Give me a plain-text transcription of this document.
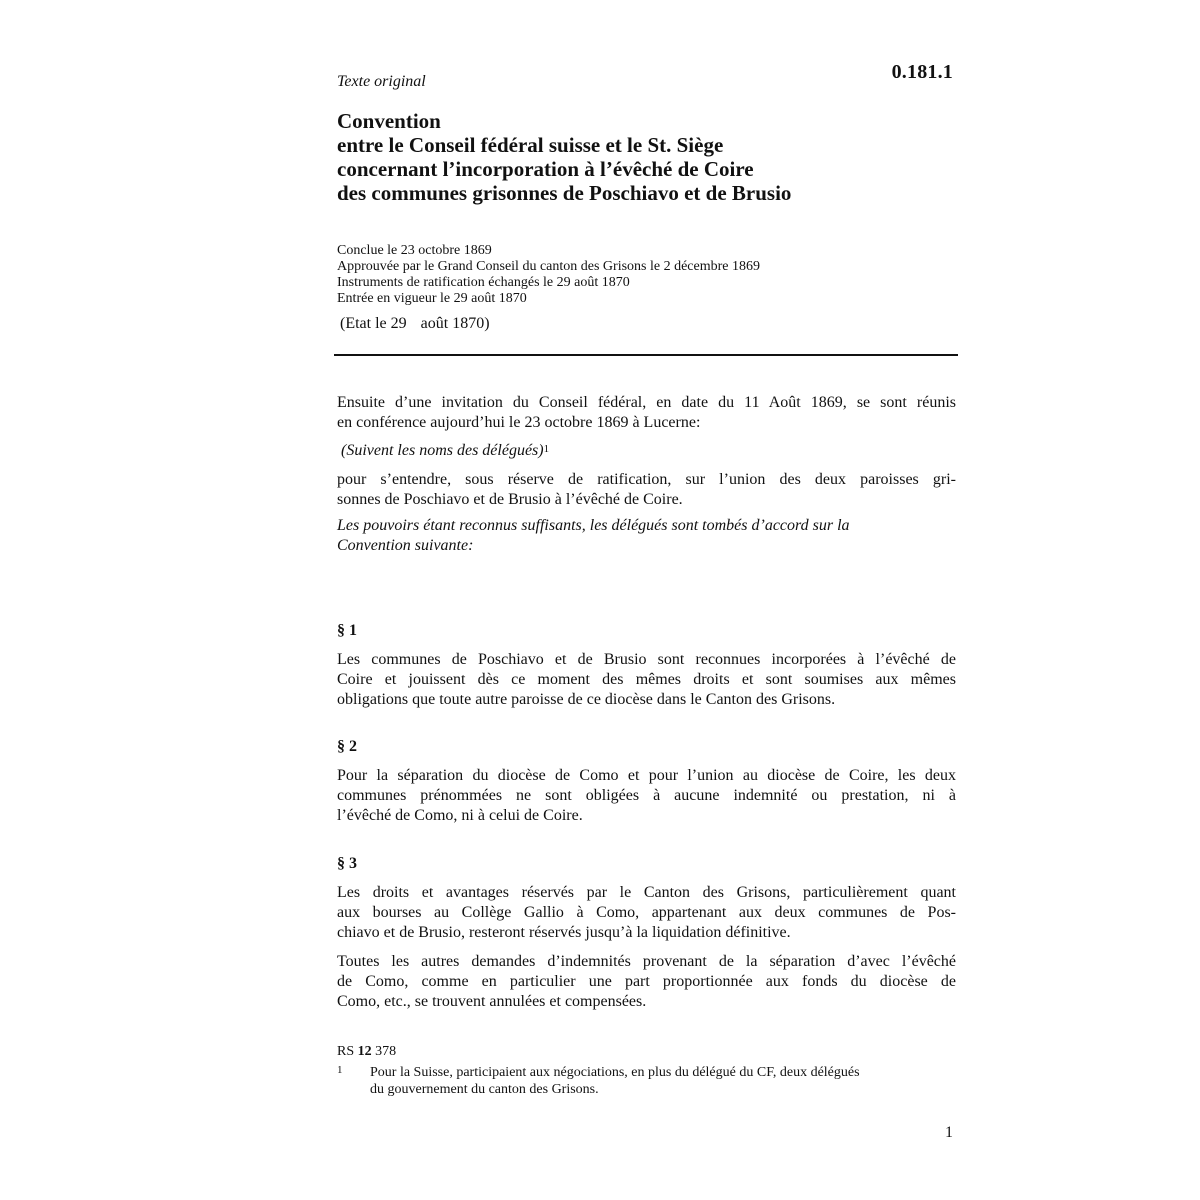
0.181.1
Texte original
Convention
entre le Conseil fédéral suisse et le St. Siège
concernant l’incorporation à l’évêché de Coire
des communes grisonnes de Poschiavo et de Brusio
Conclue le 23 octobre 1869
Approuvée par le Grand Conseil du canton des Grisons le 2 décembre 1869
Instruments de ratification échangés le 29 août 1870
Entrée en vigueur le 29 août 1870
(Etat le 29 août 1870)
Ensuite d’une invitation du Conseil fédéral, en date du 11 Août 1869, se sont réunis
en conférence aujourd’hui le 23 octobre 1869 à Lucerne:
(Suivent les noms des délégués)$^1$
pour s’entendre, sous réserve de ratification, sur l’union des deux paroisses gri-
sonnes de Poschiavo et de Brusio à l’évêché de Coire.
Les pouvoirs étant reconnus suffisants, les délégués sont tombés d’accord sur la
Convention suivante:
§ 1
Les communes de Poschiavo et de Brusio sont reconnues incorporées à l’évêché de
Coire et jouissent dès ce moment des mêmes droits et sont soumises aux mêmes
obligations que toute autre paroisse de ce diocèse dans le Canton des Grisons.
§ 2
Pour la séparation du diocèse de Como et pour l’union au diocèse de Coire, les deux
communes prénommées ne sont obligées à aucune indemnité ou prestation, ni à
l’évêché de Como, ni à celui de Coire.
§ 3
Les droits et avantages réservés par le Canton des Grisons, particulièrement quant
aux bourses au Collège Gallio à Como, appartenant aux deux communes de Pos-
chiavo et de Brusio, resteront réservés jusqu’à la liquidation définitive.
Toutes les autres demandes d’indemnités provenant de la séparation d’avec l’évêché
de Como, comme en particulier une part proportionnée aux fonds du diocèse de
Como, etc., se trouvent annulées et compensées.
RS 12 378
1 Pour la Suisse, participaient aux négociations, en plus du délégué du CF, deux délégués
du gouvernement du canton des Grisons.
1
